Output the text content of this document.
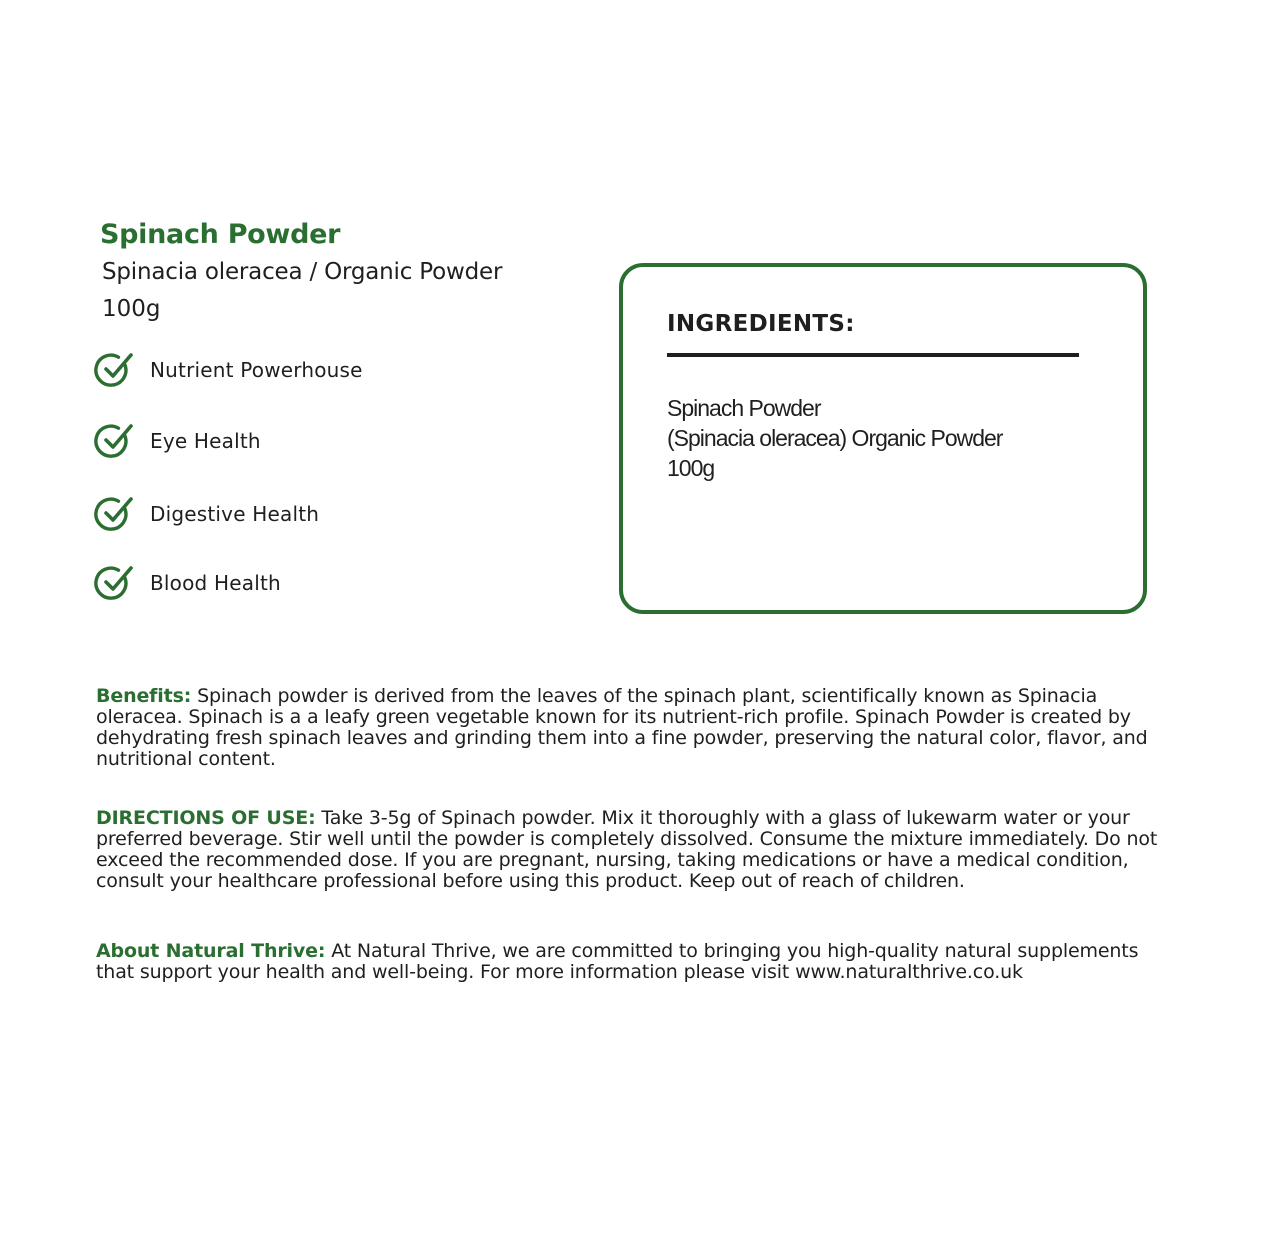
Spinach Powder

Spinacia oleracea / Organic Powder

100g

Nutrient Powerhouse
Eye Health
Digestive Health
Blood Health
INGREDIENTS:
Spinach Powder
(Spinacia oleracea) Organic Powder
100g

Benefits: Spinach powder is derived from the leaves of the spinach plant, scientifically known as Spinacia oleracea. Spinach is a a leafy green vegetable known for its nutrient-rich profile. Spinach Powder is created by dehydrating fresh spinach leaves and grinding them into a fine powder, preserving the natural color, flavor, and nutritional content.

DIRECTIONS OF USE: Take 3-5g of Spinach powder. Mix it thoroughly with a glass of lukewarm water or your preferred beverage. Stir well until the powder is completely dissolved. Consume the mixture immediately. Do not exceed the recommended dose. If you are pregnant, nursing, taking medications or have a medical condition, consult your healthcare professional before using this product. Keep out of reach of children.

About Natural Thrive: At Natural Thrive, we are committed to bringing you high-quality natural supplements that support your health and well-being. For more information please visit www.naturalthrive.co.uk
